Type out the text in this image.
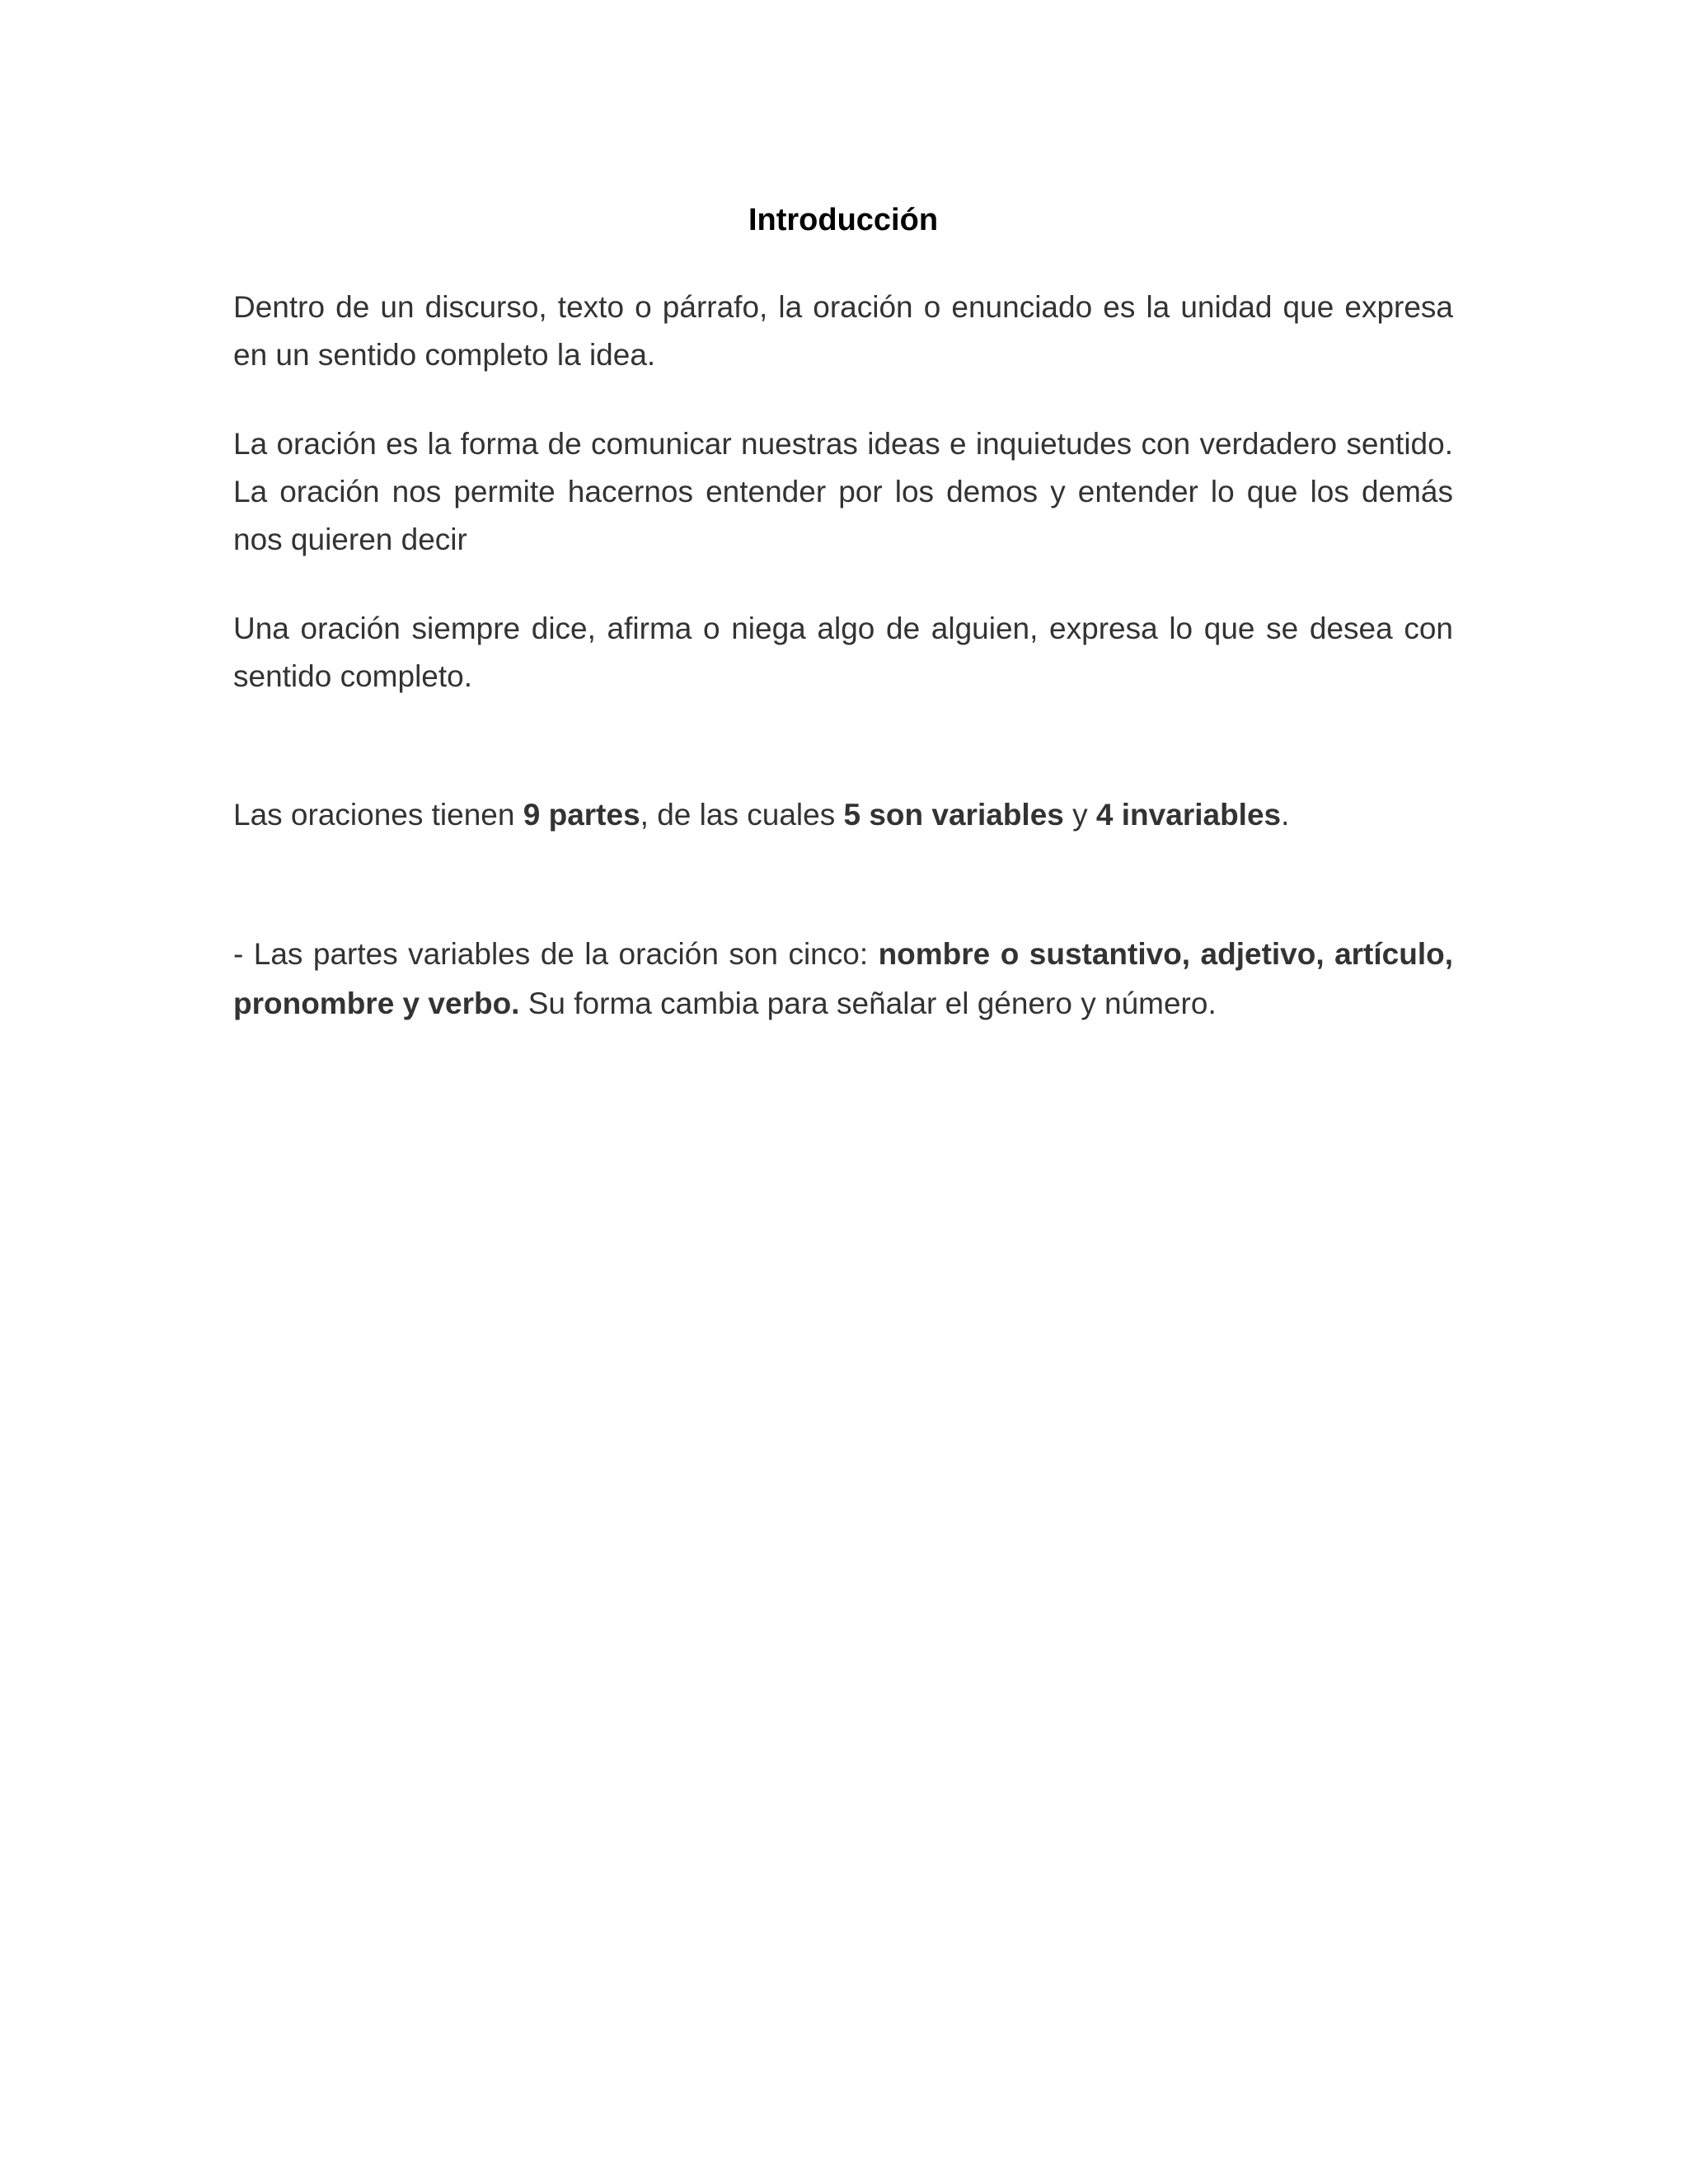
Introducción

Dentro de un discurso, texto o párrafo, la oración o enunciado es la unidad que expresa en un sentido completo la idea.

La oración es la forma de comunicar nuestras ideas e inquietudes con verdadero sentido. La oración nos permite hacernos entender por los demos y entender lo que los demás nos quieren decir

Una oración siempre dice, afirma o niega algo de alguien, expresa lo que se desea con sentido completo.

Las oraciones tienen 9 partes, de las cuales 5 son variables y 4 invariables.

- Las partes variables de la oración son cinco: nombre o sustantivo, adjetivo, artículo, pronombre y verbo. Su forma cambia para señalar el género y número.
